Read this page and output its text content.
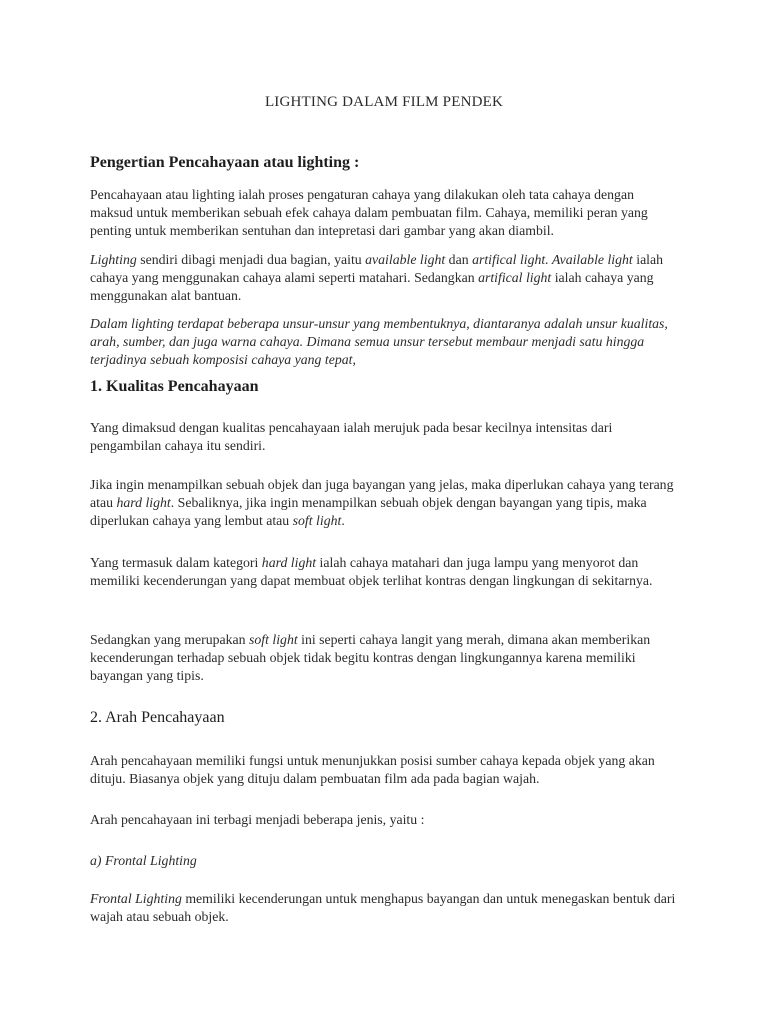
LIGHTING DALAM FILM PENDEK
Pengertian Pencahayaan atau lighting :

Pencahayaan atau lighting ialah proses pengaturan cahaya yang dilakukan oleh tata cahaya dengan maksud untuk memberikan sebuah efek cahaya dalam pembuatan film. Cahaya, memiliki peran yang penting untuk memberikan sentuhan dan intepretasi dari gambar yang akan diambil.

Lighting sendiri dibagi menjadi dua bagian, yaitu available light dan artifical light. Available light ialah cahaya yang menggunakan cahaya alami seperti matahari. Sedangkan artifical light ialah cahaya yang menggunakan alat bantuan.

Dalam lighting terdapat beberapa unsur-unsur yang membentuknya, diantaranya adalah unsur kualitas, arah, sumber, dan juga warna cahaya. Dimana semua unsur tersebut membaur menjadi satu hingga terjadinya sebuah komposisi cahaya yang tepat,

1. Kualitas Pencahayaan

Yang dimaksud dengan kualitas pencahayaan ialah merujuk pada besar kecilnya intensitas dari pengambilan cahaya itu sendiri.

Jika ingin menampilkan sebuah objek dan juga bayangan yang jelas, maka diperlukan cahaya yang terang atau hard light. Sebaliknya, jika ingin menampilkan sebuah objek dengan bayangan yang tipis, maka diperlukan cahaya yang lembut atau soft light.

Yang termasuk dalam kategori hard light ialah cahaya matahari dan juga lampu yang menyorot dan memiliki kecenderungan yang dapat membuat objek terlihat kontras dengan lingkungan di sekitarnya.

Sedangkan yang merupakan soft light ini seperti cahaya langit yang merah, dimana akan memberikan kecenderungan terhadap sebuah objek tidak begitu kontras dengan lingkungannya karena memiliki bayangan yang tipis.

2. Arah Pencahayaan

Arah pencahayaan memiliki fungsi untuk menunjukkan posisi sumber cahaya kepada objek yang akan dituju. Biasanya objek yang dituju dalam pembuatan film ada pada bagian wajah.

Arah pencahayaan ini terbagi menjadi beberapa jenis, yaitu :

a) Frontal Lighting

Frontal Lighting memiliki kecenderungan untuk menghapus bayangan dan untuk menegaskan bentuk dari wajah atau sebuah objek.
